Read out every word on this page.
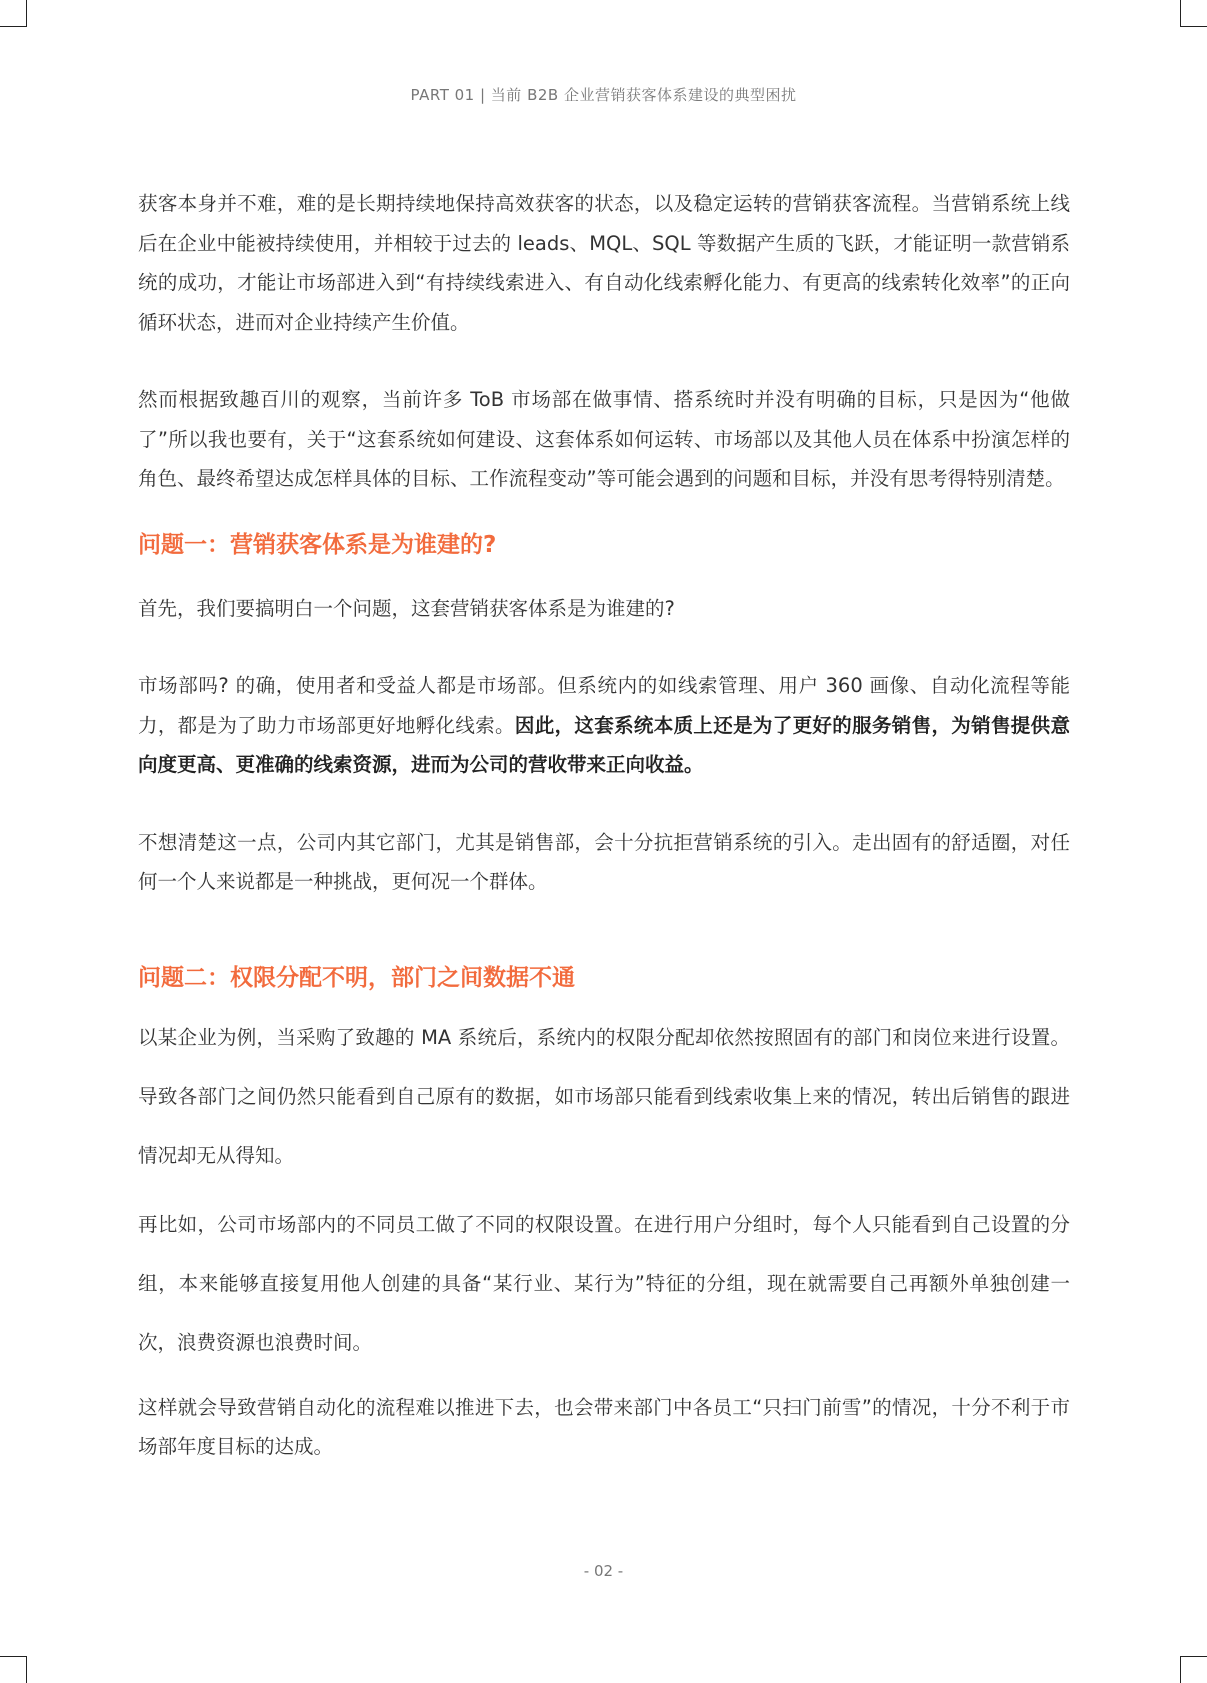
PART 01 | 当前 B2B 企业营销获客体系建设的典型困扰

获客本身并不难，难的是长期持续地保持高效获客的状态，以及稳定运转的营销获客流程。当营销系统上线后在企业中能被持续使用，并相较于过去的 leads、MQL、SQL 等数据产生质的飞跃，才能证明一款营销系统的成功，才能让市场部进入到“有持续线索进入、有自动化线索孵化能力、有更高的线索转化效率”的正向循环状态，进而对企业持续产生价值。

然而根据致趣百川的观察，当前许多 ToB 市场部在做事情、搭系统时并没有明确的目标，只是因为“他做了”所以我也要有，关于“这套系统如何建设、这套体系如何运转、市场部以及其他人员在体系中扮演怎样的角色、最终希望达成怎样具体的目标、工作流程变动”等可能会遇到的问题和目标，并没有思考得特别清楚。

问题一：营销获客体系是为谁建的?

首先，我们要搞明白一个问题，这套营销获客体系是为谁建的?

市场部吗? 的确，使用者和受益人都是市场部。但系统内的如线索管理、用户 360 画像、自动化流程等能力，都是为了助力市场部更好地孵化线索。因此，这套系统本质上还是为了更好的服务销售，为销售提供意向度更高、更准确的线索资源，进而为公司的营收带来正向收益。

不想清楚这一点，公司内其它部门，尤其是销售部，会十分抗拒营销系统的引入。走出固有的舒适圈，对任何一个人来说都是一种挑战，更何况一个群体。

问题二：权限分配不明，部门之间数据不通

以某企业为例，当采购了致趣的 MA 系统后，系统内的权限分配却依然按照固有的部门和岗位来进行设置。导致各部门之间仍然只能看到自己原有的数据，如市场部只能看到线索收集上来的情况，转出后销售的跟进情况却无从得知。

再比如，公司市场部内的不同员工做了不同的权限设置。在进行用户分组时，每个人只能看到自己设置的分组，本来能够直接复用他人创建的具备“某行业、某行为”特征的分组，现在就需要自己再额外单独创建一次，浪费资源也浪费时间。

这样就会导致营销自动化的流程难以推进下去，也会带来部门中各员工“只扫门前雪”的情况，十分不利于市场部年度目标的达成。

- 02 -
